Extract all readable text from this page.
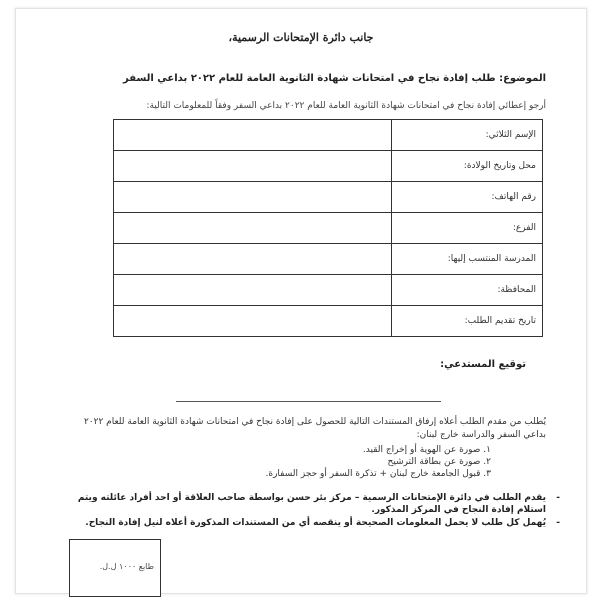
جانب دائرة الإمتحانات الرسمية،
الموضوع: طلب إفادة نجاح في امتحانات شهادة الثانوية العامة للعام ٢٠٢٢ بداعي السفر
أرجو إعطائي إفادة نجاح في امتحانات شهادة الثانوية العامة للعام ٢٠٢٢ بداعي السفر وفقاً للمعلومات التالية:
	الإسم الثلاثي:
	محل وتاريخ الولادة:
	رقم الهاتف:
	الفرع:
	المدرسة المنتسب إليها:
	المحافظة:
	تاريخ تقديم الطلب:
توقيع المستدعي:
يُطلب من مقدم الطلب أعلاه إرفاق المستندات التالية للحصول على إفادة نجاح في امتحانات شهادة الثانوية العامة للعام ٢٠٢٢ بداعي السفر والدراسة خارج لبنان:
١. صورة عن الهوية أو إخراج القيد.
٢. صورة عن بطاقة الترشيح
٣. قبول الجامعة خارج لبنان + تذكرة السفر أو حجز السفارة.
-
يقدم الطلب في دائرة الإمتحانات الرسمية – مركز بئر حسن بواسطة صاحب العلاقة أو احد أفراد عائلته ويتم استلام إفادة النجاح في المركز المذكور.
-
يُهمل كل طلب لا يحمل المعلومات الصحيحة أو ينقصه أي من المستندات المذكورة أعلاه لنيل إفادة النجاح.
طابع ١٠٠٠ ل.ل.
